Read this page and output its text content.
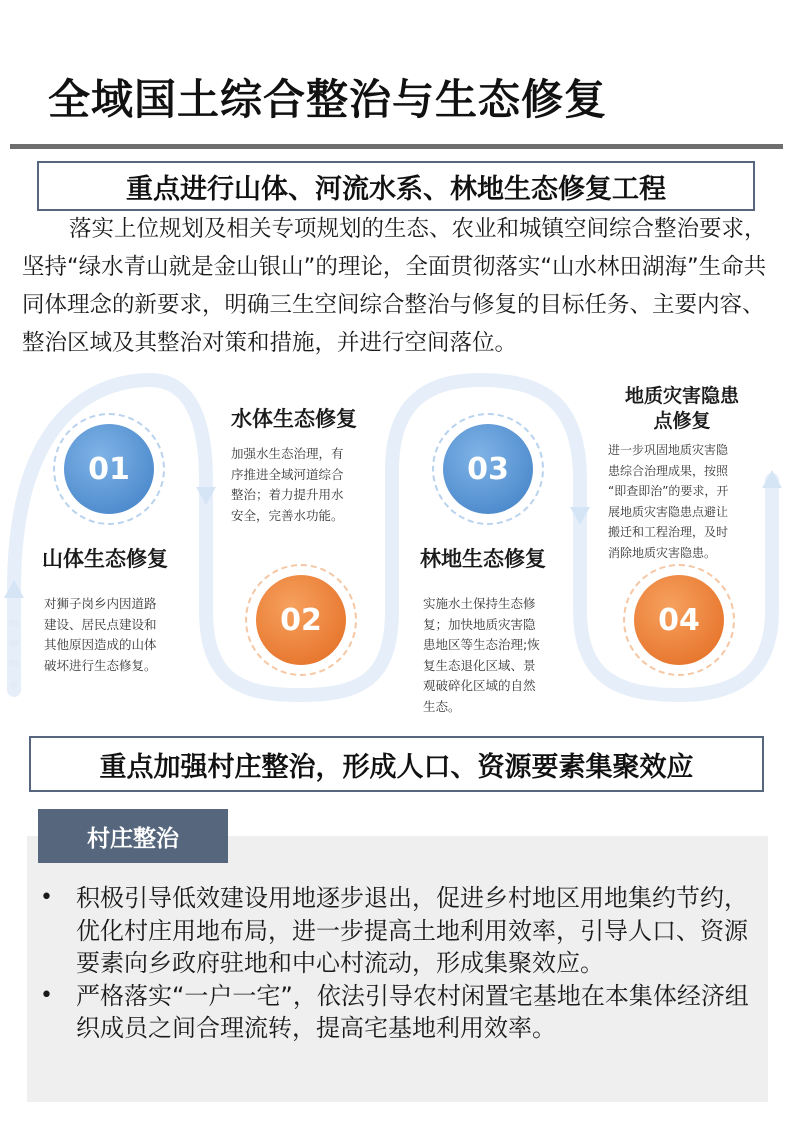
全域国土综合整治与生态修复
重点进行山体、河流水系、林地生态修复工程

落实上位规划及相关专项规划的生态、农业和城镇空间综合整治要求，坚持“绿水青山就是金山银山”的理论，全面贯彻落实“山水林田湖海”生命共同体理念的新要求，明确三生空间综合整治与修复的目标任务、主要内容、整治区域及其整治对策和措施，并进行空间落位。

01
山体生态修复
对狮子岗乡内因道路
建设、居民点建设和
其他原因造成的山体
破坏进行生态修复。
水体生态修复
加强水生态治理，有
序推进全域河道综合
整治；着力提升用水
安全，完善水功能。
02
03
林地生态修复
实施水土保持生态修
复；加快地质灾害隐
患地区等生态治理;恢
复生态退化区域、景
观破碎化区域的自然
生态。
地质灾害隐患
点修复
进一步巩固地质灾害隐
患综合治理成果，按照
“即查即治”的要求，开
展地质灾害隐患点避让
搬迁和工程治理，及时
消除地质灾害隐患。
04
重点加强村庄整治，形成人口、资源要素集聚效应
村庄整治
• 积极引导低效建设用地逐步退出，促进乡村地区用地集约节约，优化村庄用地布局，进一步提高土地利用效率，引导人口、资源要素向乡政府驻地和中心村流动，形成集聚效应。
• 严格落实“一户一宅”，依法引导农村闲置宅基地在本集体经济组织成员之间合理流转，提高宅基地利用效率。
